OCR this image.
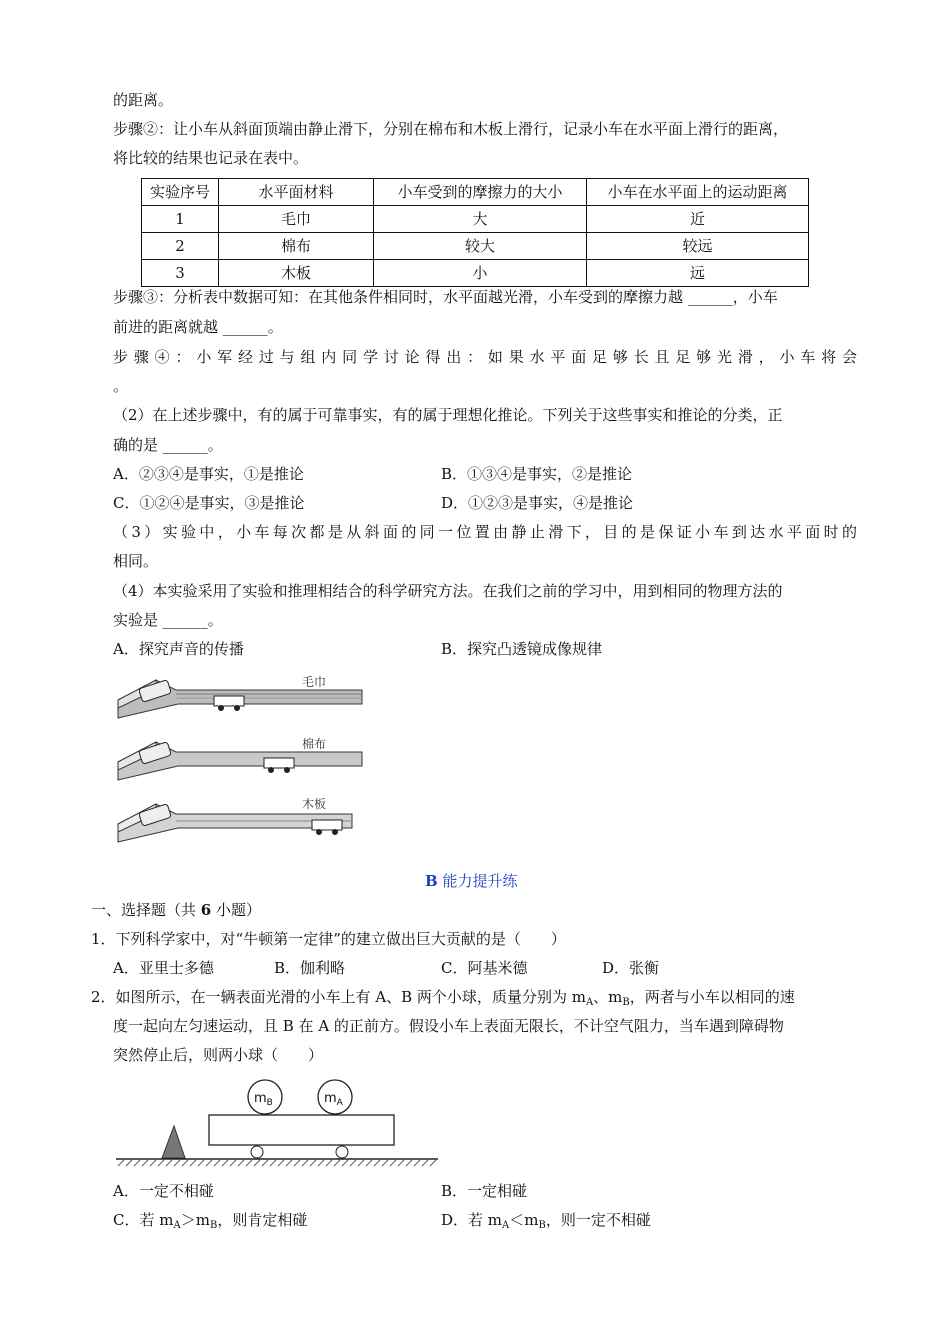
的距离。
步骤②：让小车从斜面顶端由静止滑下，分别在棉布和木板上滑行，记录小车在水平面上滑行的距离，
将比较的结果也记录在表中。
实验序号	水平面材料	小车受到的摩擦力的大小	小车在水平面上的运动距离
1	毛巾	大	近
2	棉布	较大	较远
3	木板	小	远
步骤③：分析表中数据可知：在其他条件相同时，水平面越光滑，小车受到的摩擦力越 ______，小车
前进的距离就越 ______。
步骤④：小军经过与组内同学讨论得出：如果水平面足够长且足够光滑，小车将会
。
（2）在上述步骤中，有的属于可靠事实，有的属于理想化推论。下列关于这些事实和推论的分类，正
确的是 ______。
A．②③④是事实，①是推论	B．①③④是事实，②是推论
C．①②④是事实，③是推论	D．①②③是事实，④是推论
（3）实验中，小车每次都是从斜面的同一位置由静止滑下，目的是保证小车到达水平面时的
相同。
（4）本实验采用了实验和推理相结合的科学研究方法。在我们之前的学习中，用到相同的物理方法的
实验是 ______。
A．探究声音的传播	B．探究凸透镜成像规律
毛巾
棉布
木板
B 能力提升练
一、选择题（共 6 小题）
1．下列科学家中，对“牛顿第一定律”的建立做出巨大贡献的是（　　）
A．亚里士多德	B．伽利略	C．阿基米德	D．张衡
2．如图所示，在一辆表面光滑的小车上有 A、B 两个小球，质量分别为 $m_A$、$m_B$，两者与小车以相同的速
度一起向左匀速运动，且 B 在 A 的正前方。假设小车上表面无限长，不计空气阻力，当车遇到障碍物
突然停止后，则两小球（　　）
$m_B$	$m_A$
A．一定不相碰	B．一定相碰
C．若 $m_A>m_B$，则肯定相碰	D．若 $m_A<m_B$，则一定不相碰
